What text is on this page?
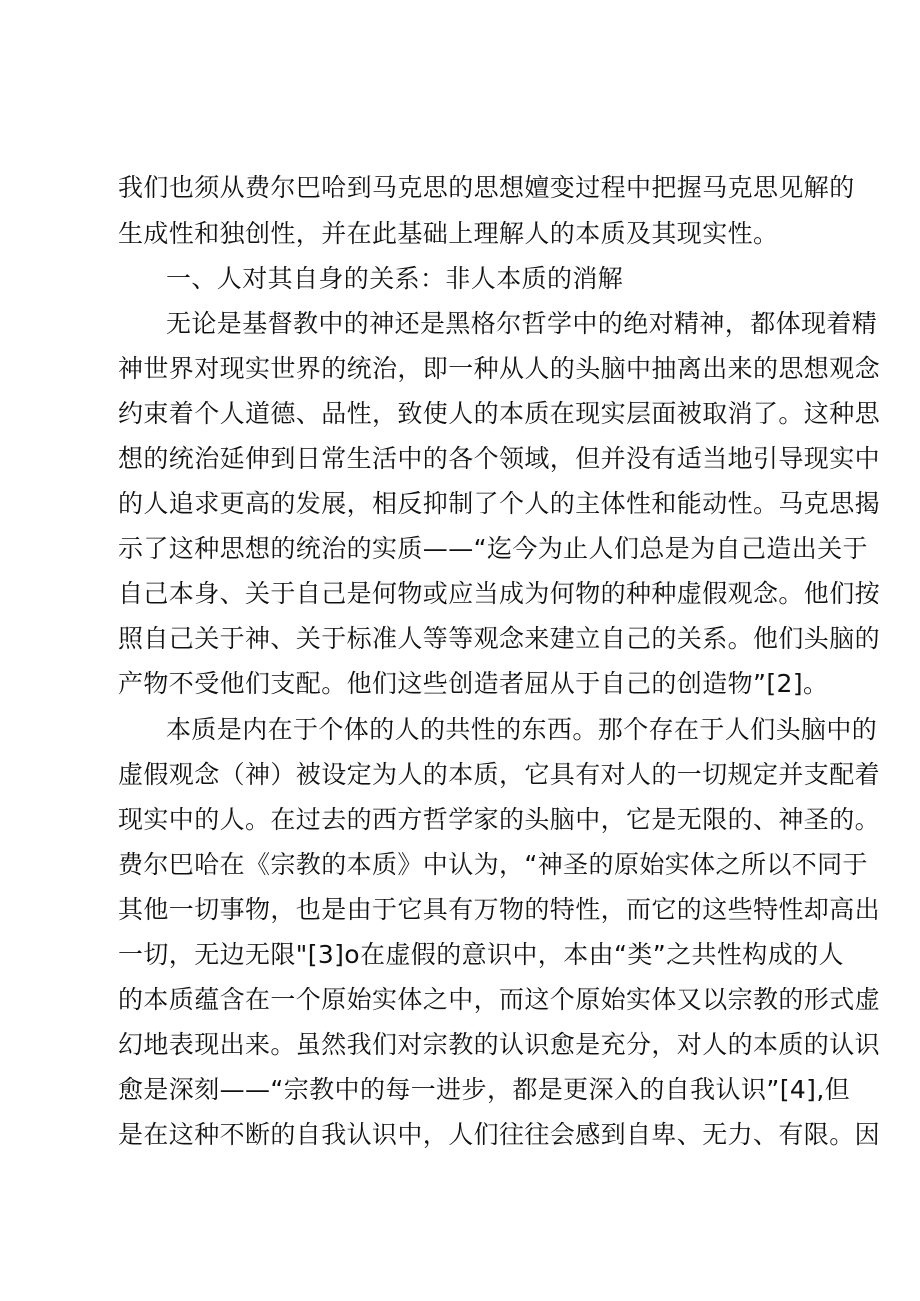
我们也须从费尔巴哈到马克思的思想嬗变过程中把握马克思见解的
生成性和独创性，并在此基础上理解人的本质及其现实性。
一、人对其自身的关系：非人本质的消解
无论是基督教中的神还是黑格尔哲学中的绝对精神，都体现着精
神世界对现实世界的统治，即一种从人的头脑中抽离出来的思想观念
约束着个人道德、品性，致使人的本质在现实层面被取消了。这种思
想的统治延伸到日常生活中的各个领域，但并没有适当地引导现实中
的人追求更高的发展，相反抑制了个人的主体性和能动性。马克思揭
示了这种思想的统治的实质——“迄今为止人们总是为自己造出关于
自己本身、关于自己是何物或应当成为何物的种种虚假观念。他们按
照自己关于神、关于标准人等等观念来建立自己的关系。他们头脑的
产物不受他们支配。他们这些创造者屈从于自己的创造物”[2]。
本质是内在于个体的人的共性的东西。那个存在于人们头脑中的
虚假观念（神）被设定为人的本质，它具有对人的一切规定并支配着
现实中的人。在过去的西方哲学家的头脑中，它是无限的、神圣的。
费尔巴哈在《宗教的本质》中认为，“神圣的原始实体之所以不同于
其他一切事物，也是由于它具有万物的特性，而它的这些特性却高出
一切，无边无限"[3]o在虚假的意识中，本由“类”之共性构成的人
的本质蕴含在一个原始实体之中，而这个原始实体又以宗教的形式虚
幻地表现出来。虽然我们对宗教的认识愈是充分，对人的本质的认识
愈是深刻——“宗教中的每一进步，都是更深入的自我认识”[4],但
是在这种不断的自我认识中，人们往往会感到自卑、无力、有限。因
